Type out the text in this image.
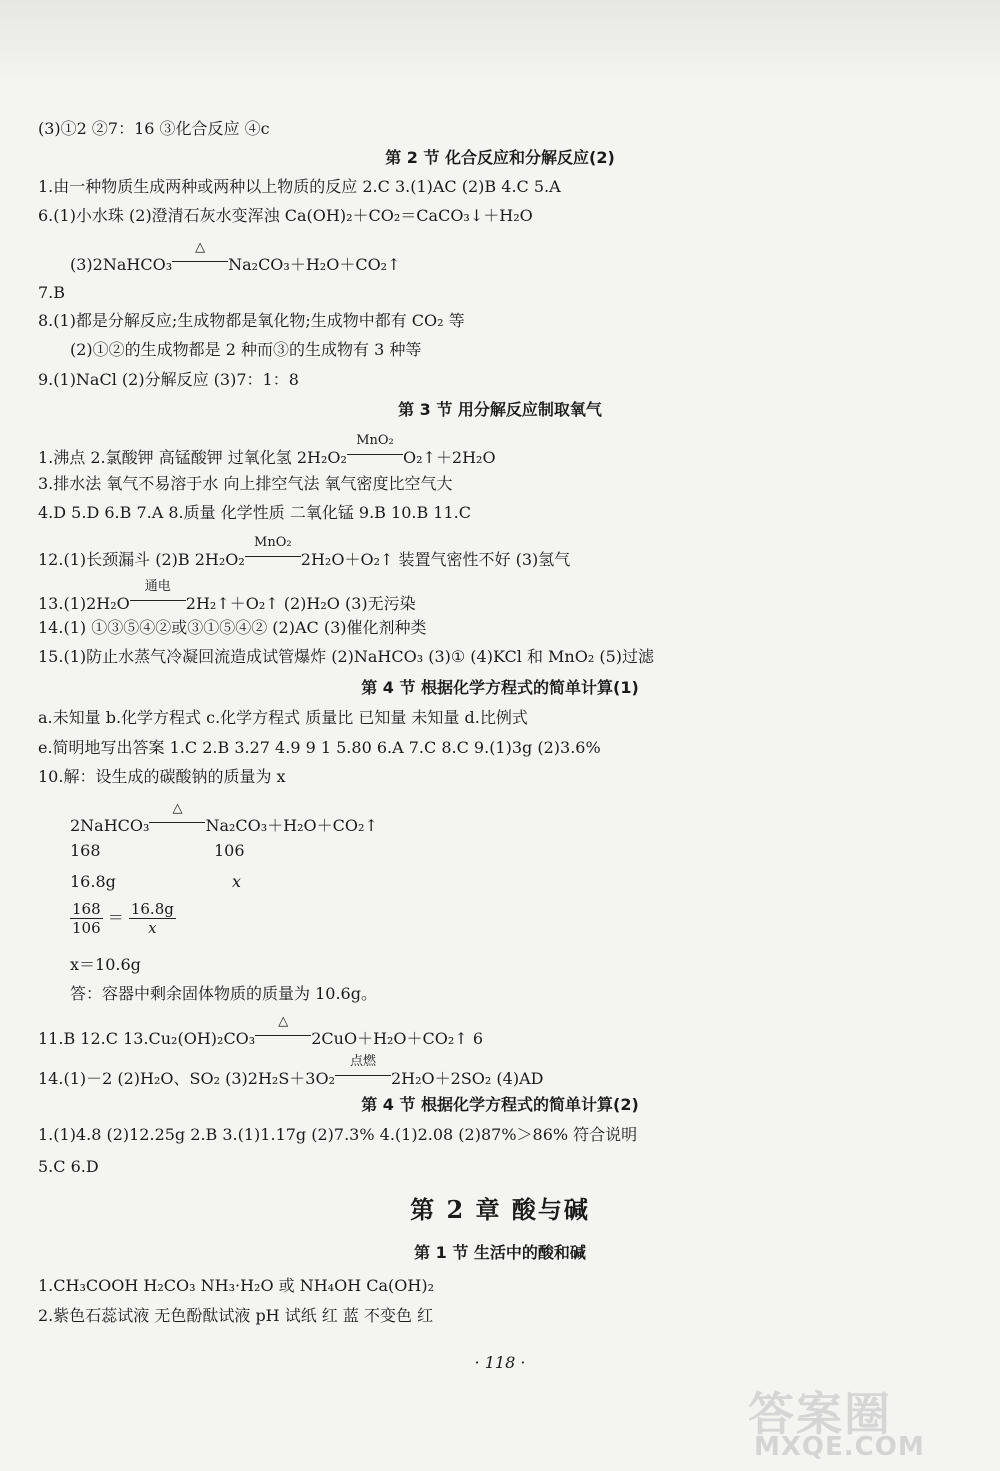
(3)①2 ②7：16 ③化合反应 ④c
第 2 节 化合反应和分解反应(2)
1.由一种物质生成两种或两种以上物质的反应 2.C 3.(1)AC (2)B 4.C 5.A
6.(1)小水珠 (2)澄清石灰水变浑浊 Ca(OH)₂＋CO₂＝CaCO₃↓＋H₂O
(3)2NaHCO₃
△
Na₂CO₃＋H₂O＋CO₂↑
7.B
8.(1)都是分解反应;生成物都是氧化物;生成物中都有 CO₂ 等
(2)①②的生成物都是 2 种而③的生成物有 3 种等
9.(1)NaCl (2)分解反应 (3)7：1：8
第 3 节 用分解反应制取氧气
1.沸点 2.氯酸钾 高锰酸钾 过氧化氢 2H₂O₂
MnO₂
O₂↑＋2H₂O
3.排水法 氧气不易溶于水 向上排空气法 氧气密度比空气大
4.D 5.D 6.B 7.A 8.质量 化学性质 二氧化锰 9.B 10.B 11.C
12.(1)长颈漏斗 (2)B 2H₂O₂
MnO₂
2H₂O＋O₂↑ 装置气密性不好 (3)氢气
13.(1)2H₂O
通电
2H₂↑＋O₂↑ (2)H₂O (3)无污染
14.(1) ①③⑤④②或③①⑤④② (2)AC (3)催化剂种类
15.(1)防止水蒸气冷凝回流造成试管爆炸 (2)NaHCO₃ (3)① (4)KCl 和 MnO₂ (5)过滤
第 4 节 根据化学方程式的简单计算(1)
a.未知量 b.化学方程式 c.化学方程式 质量比 已知量 未知量 d.比例式
e.简明地写出答案 1.C 2.B 3.27 4.9 9 1 5.80 6.A 7.C 8.C 9.(1)3g (2)3.6%
10.解：设生成的碳酸钠的质量为 x
2NaHCO₃
△
Na₂CO₃＋H₂O＋CO₂↑
168	106
16.8g	x
$\frac{168}{106} = \frac{16.8g}{x}$
x＝10.6g
答：容器中剩余固体物质的质量为 10.6g。
11.B 12.C 13.Cu₂(OH)₂CO₃
△
2CuO＋H₂O＋CO₂↑ 6
14.(1)－2 (2)H₂O、SO₂ (3)2H₂S＋3O₂
点燃
2H₂O＋2SO₂ (4)AD
第 4 节 根据化学方程式的简单计算(2)
1.(1)4.8 (2)12.25g 2.B 3.(1)1.17g (2)7.3% 4.(1)2.08 (2)87%＞86% 符合说明
5.C 6.D
第 2 章 酸与碱
第 1 节 生活中的酸和碱
1.CH₃COOH H₂CO₃ NH₃·H₂O 或 NH₄OH Ca(OH)₂
2.紫色石蕊试液 无色酚酞试液 pH 试纸 红 蓝 不变色 红
· 118 ·
答案圈
MXQE.COM
